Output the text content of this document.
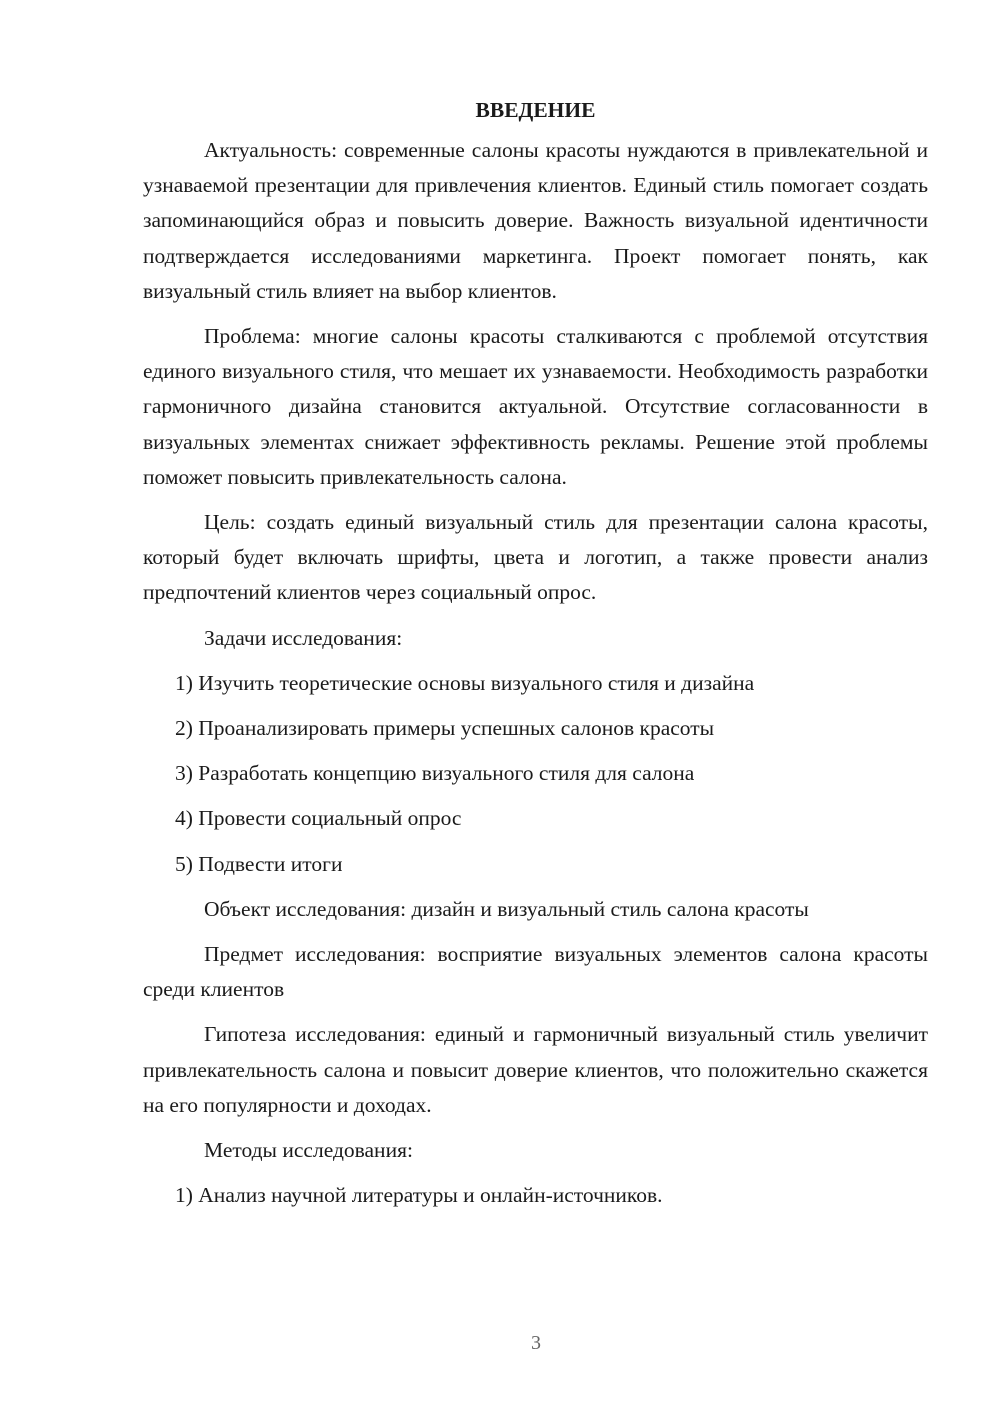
ВВЕДЕНИЕ

Актуальность: современные салоны красоты нуждаются в привлекательной и узнаваемой презентации для привлечения клиентов. Единый стиль помогает создать запоминающийся образ и повысить доверие. Важность визуальной идентичности подтверждается исследованиями маркетинга. Проект помогает понять, как визуальный стиль влияет на выбор клиентов.

Проблема: многие салоны красоты сталкиваются с проблемой отсутствия единого визуального стиля, что мешает их узнаваемости. Необходимость разработки гармоничного дизайна становится актуальной. Отсутствие согласованности в визуальных элементах снижает эффективность рекламы. Решение этой проблемы поможет повысить привлекательность салона.

Цель: создать единый визуальный стиль для презентации салона красоты, который будет включать шрифты, цвета и логотип, а также провести анализ предпочтений клиентов через социальный опрос.

Задачи исследования:

1) Изучить теоретические основы визуального стиля и дизайна

2) Проанализировать примеры успешных салонов красоты

3) Разработать концепцию визуального стиля для салона

4) Провести социальный опрос

5) Подвести итоги

Объект исследования: дизайн и визуальный стиль салона красоты

Предмет исследования: восприятие визуальных элементов салона красоты среди клиентов

Гипотеза исследования: единый и гармоничный визуальный стиль увеличит привлекательность салона и повысит доверие клиентов, что положительно скажется на его популярности и доходах.

Методы исследования:

1) Анализ научной литературы и онлайн-источников.

3
